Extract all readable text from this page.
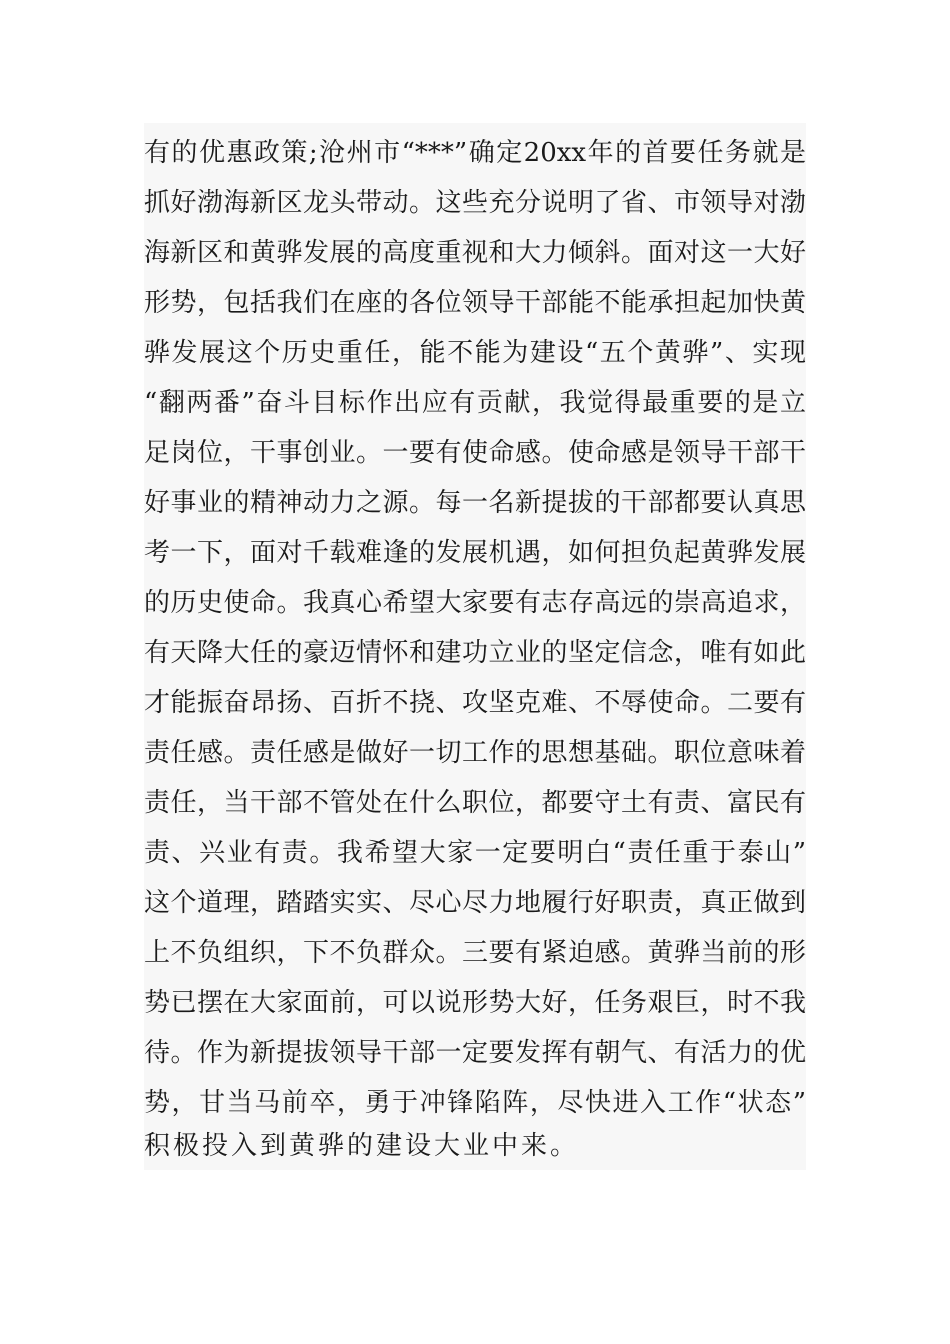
有的优惠政策;沧州市“***”确定20xx年的首要任务就是
抓好渤海新区龙头带动。这些充分说明了省、市领导对渤
海新区和黄骅发展的高度重视和大力倾斜。面对这一大好
形势，包括我们在座的各位领导干部能不能承担起加快黄
骅发展这个历史重任，能不能为建设“五个黄骅”、实现
“翻两番”奋斗目标作出应有贡献，我觉得最重要的是立
足岗位，干事创业。一要有使命感。使命感是领导干部干
好事业的精神动力之源。每一名新提拔的干部都要认真思
考一下，面对千载难逢的发展机遇，如何担负起黄骅发展
的历史使命。我真心希望大家要有志存高远的崇高追求，
有天降大任的豪迈情怀和建功立业的坚定信念，唯有如此
才能振奋昂扬、百折不挠、攻坚克难、不辱使命。二要有
责任感。责任感是做好一切工作的思想基础。职位意味着
责任，当干部不管处在什么职位，都要守土有责、富民有
责、兴业有责。我希望大家一定要明白“责任重于泰山”
这个道理，踏踏实实、尽心尽力地履行好职责，真正做到
上不负组织，下不负群众。三要有紧迫感。黄骅当前的形
势已摆在大家面前，可以说形势大好，任务艰巨，时不我
待。作为新提拔领导干部一定要发挥有朝气、有活力的优
势，甘当马前卒，勇于冲锋陷阵，尽快进入工作“状态”
积极投入到黄骅的建设大业中来。
